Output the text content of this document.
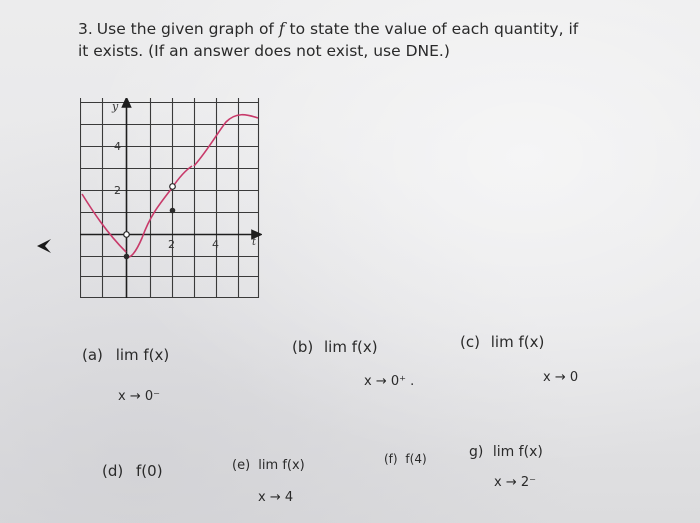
3. Use the given graph of f to state the value of each quantity, if
it exists. (If an answer does not exist, use DNE.)
y
t
4
2
2	4
(a) lim f(x)
x → 0⁻
(b) lim f(x)
x → 0⁺ .
(c) lim f(x)
x → 0
(d) f(0)	(e) lim f(x)
x → 4
(f) f(4)	g) lim f(x)
x → 2⁻
